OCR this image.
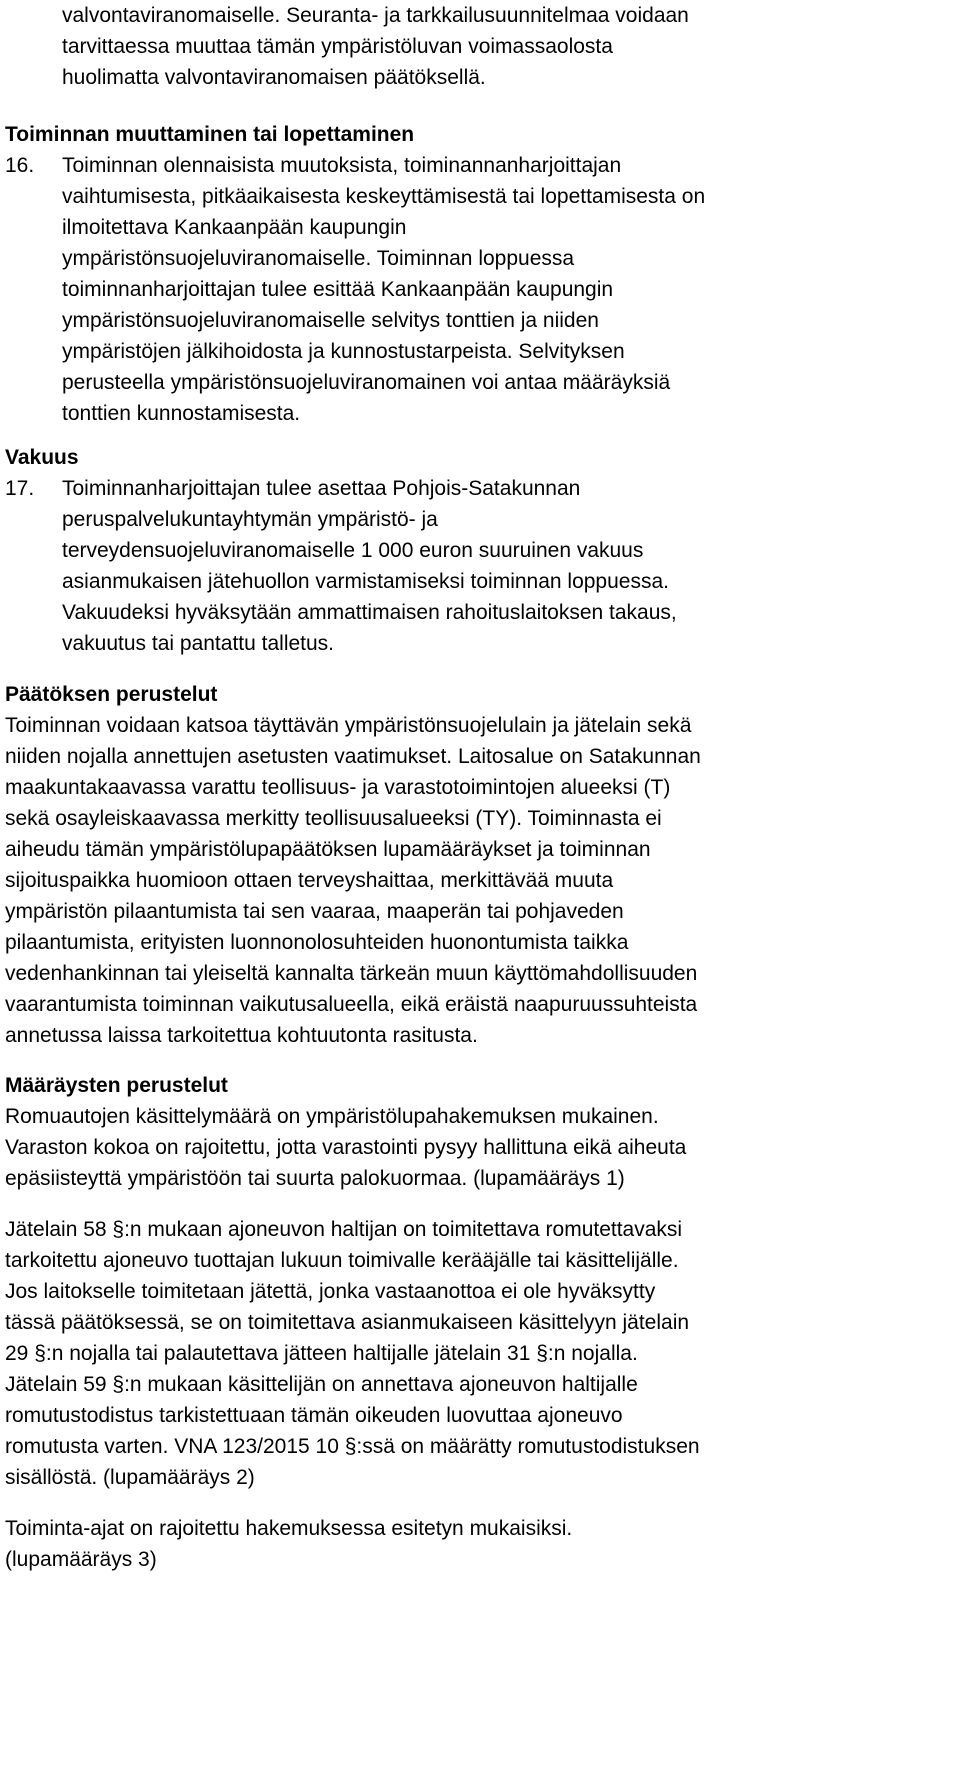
valvontaviranomaiselle. Seuranta- ja tarkkailusuunnitelmaa voidaan
tarvittaessa muuttaa tämän ympäristöluvan voimassaolosta
huolimatta valvontaviranomaisen päätöksellä.
Toiminnan muuttaminen tai lopettaminen
16. Toiminnan olennaisista muutoksista, toiminannanharjoittajan
vaihtumisesta, pitkäaikaisesta keskeyttämisestä tai lopettamisesta on
ilmoitettava Kankaanpään kaupungin
ympäristönsuojeluviranomaiselle. Toiminnan loppuessa
toiminnanharjoittajan tulee esittää Kankaanpään kaupungin
ympäristönsuojeluviranomaiselle selvitys tonttien ja niiden
ympäristöjen jälkihoidosta ja kunnostustarpeista. Selvityksen
perusteella ympäristönsuojeluviranomainen voi antaa määräyksiä
tonttien kunnostamisesta.
Vakuus
17. Toiminnanharjoittajan tulee asettaa Pohjois-Satakunnan
peruspalvelukuntayhtymän ympäristö- ja
terveydensuojeluviranomaiselle 1 000 euron suuruinen vakuus
asianmukaisen jätehuollon varmistamiseksi toiminnan loppuessa.
Vakuudeksi hyväksytään ammattimaisen rahoituslaitoksen takaus,
vakuutus tai pantattu talletus.
Päätöksen perustelut
Toiminnan voidaan katsoa täyttävän ympäristönsuojelulain ja jätelain sekä
niiden nojalla annettujen asetusten vaatimukset. Laitosalue on Satakunnan
maakuntakaavassa varattu teollisuus- ja varastotoimintojen alueeksi (T)
sekä osayleiskaavassa merkitty teollisuusalueeksi (TY). Toiminnasta ei
aiheudu tämän ympäristölupapäätöksen lupamääräykset ja toiminnan
sijoituspaikka huomioon ottaen terveyshaittaa, merkittävää muuta
ympäristön pilaantumista tai sen vaaraa, maaperän tai pohjaveden
pilaantumista, erityisten luonnonolosuhteiden huonontumista taikka
vedenhankinnan tai yleiseltä kannalta tärkeän muun käyttömahdollisuuden
vaarantumista toiminnan vaikutusalueella, eikä eräistä naapuruussuhteista
annetussa laissa tarkoitettua kohtuutonta rasitusta.
Määräysten perustelut
Romuautojen käsittelymäärä on ympäristölupahakemuksen mukainen.
Varaston kokoa on rajoitettu, jotta varastointi pysyy hallittuna eikä aiheuta
epäsiisteyttä ympäristöön tai suurta palokuormaa. (lupamääräys 1)
Jätelain 58 §:n mukaan ajoneuvon haltijan on toimitettava romutettavaksi
tarkoitettu ajoneuvo tuottajan lukuun toimivalle kerääjälle tai käsittelijälle.
Jos laitokselle toimitetaan jätettä, jonka vastaanottoa ei ole hyväksytty
tässä päätöksessä, se on toimitettava asianmukaiseen käsittelyyn jätelain
29 §:n nojalla tai palautettava jätteen haltijalle jätelain 31 §:n nojalla.
Jätelain 59 §:n mukaan käsittelijän on annettava ajoneuvon haltijalle
romutustodistus tarkistettuaan tämän oikeuden luovuttaa ajoneuvo
romutusta varten. VNA 123/2015 10 §:ssä on määrätty romutustodistuksen
sisällöstä. (lupamääräys 2)
Toiminta-ajat on rajoitettu hakemuksessa esitetyn mukaisiksi.
(lupamääräys 3)
